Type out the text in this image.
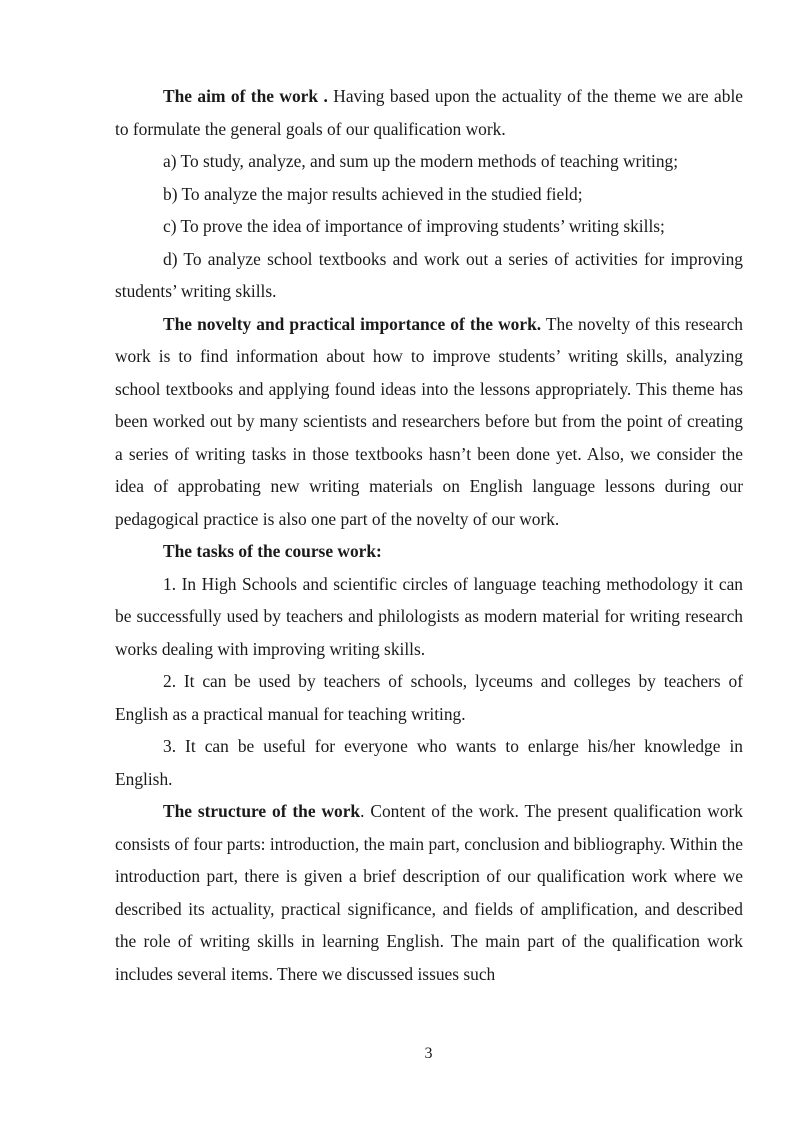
The aim of the work . Having based upon the actuality of the theme we are able to formulate the general goals of our qualification work.

a) To study, analyze, and sum up the modern methods of teaching writing;

b) To analyze the major results achieved in the studied field;

c) To prove the idea of importance of improving students’ writing skills;

d) To analyze school textbooks and work out a series of activities for improving students’ writing skills.

The novelty and practical importance of the work. The novelty of this research work is to find information about how to improve students’ writing skills, analyzing school textbooks and applying found ideas into the lessons appropriately. This theme has been worked out by many scientists and researchers before but from the point of creating a series of writing tasks in those textbooks hasn’t been done yet. Also, we consider the idea of approbating new writing materials on English language lessons during our pedagogical practice is also one part of the novelty of our work.

The tasks of the course work:

1. In High Schools and scientific circles of language teaching methodology it can be successfully used by teachers and philologists as modern material for writing research works dealing with improving writing skills.

2. It can be used by teachers of schools, lyceums and colleges by teachers of English as a practical manual for teaching writing.

3. It can be useful for everyone who wants to enlarge his/her knowledge in English.

The structure of the work. Content of the work. The present qualification work consists of four parts: introduction, the main part, conclusion and bibliography. Within the introduction part, there is given a brief description of our qualification work where we described its actuality, practical significance, and fields of amplification, and described the role of writing skills in learning English. The main part of the qualification work includes several items. There we discussed issues such

3
